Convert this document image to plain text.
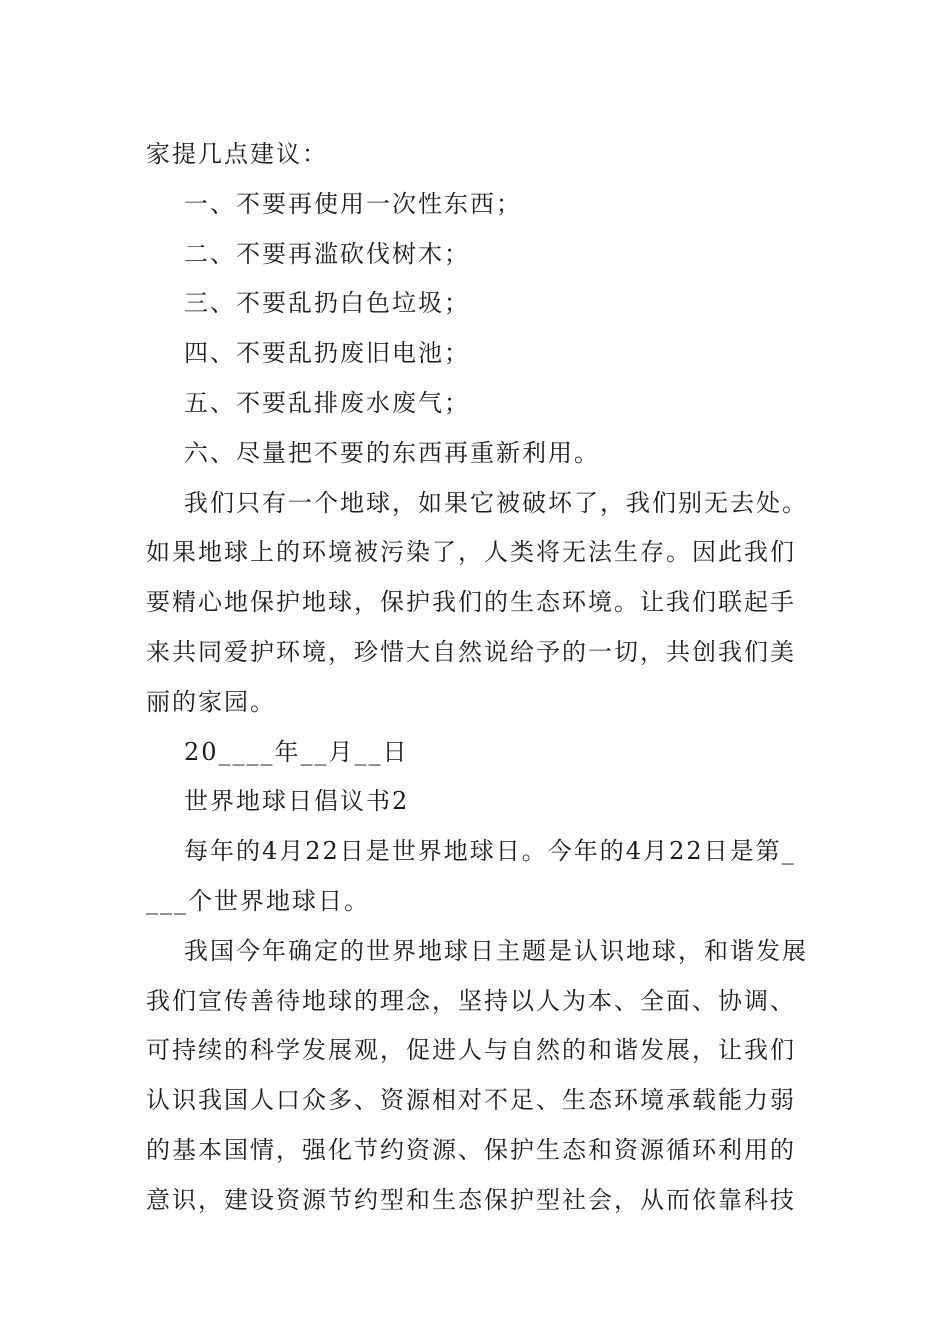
家提几点建议：
一、不要再使用一次性东西；
二、不要再滥砍伐树木；
三、不要乱扔白色垃圾；
四、不要乱扔废旧电池；
五、不要乱排废水废气；
六、尽量把不要的东西再重新利用。
我们只有一个地球，如果它被破坏了，我们别无去处。
如果地球上的环境被污染了，人类将无法生存。因此我们
要精心地保护地球，保护我们的生态环境。让我们联起手
来共同爱护环境，珍惜大自然说给予的一切，共创我们美
丽的家园。
20____年__月__日
世界地球日倡议书2
每年的4月22日是世界地球日。今年的4月22日是第_
___个世界地球日。
我国今年确定的世界地球日主题是认识地球，和谐发展
我们宣传善待地球的理念，坚持以人为本、全面、协调、
可持续的科学发展观，促进人与自然的和谐发展，让我们
认识我国人口众多、资源相对不足、生态环境承载能力弱
的基本国情，强化节约资源、保护生态和资源循环利用的
意识，建设资源节约型和生态保护型社会，从而依靠科技
